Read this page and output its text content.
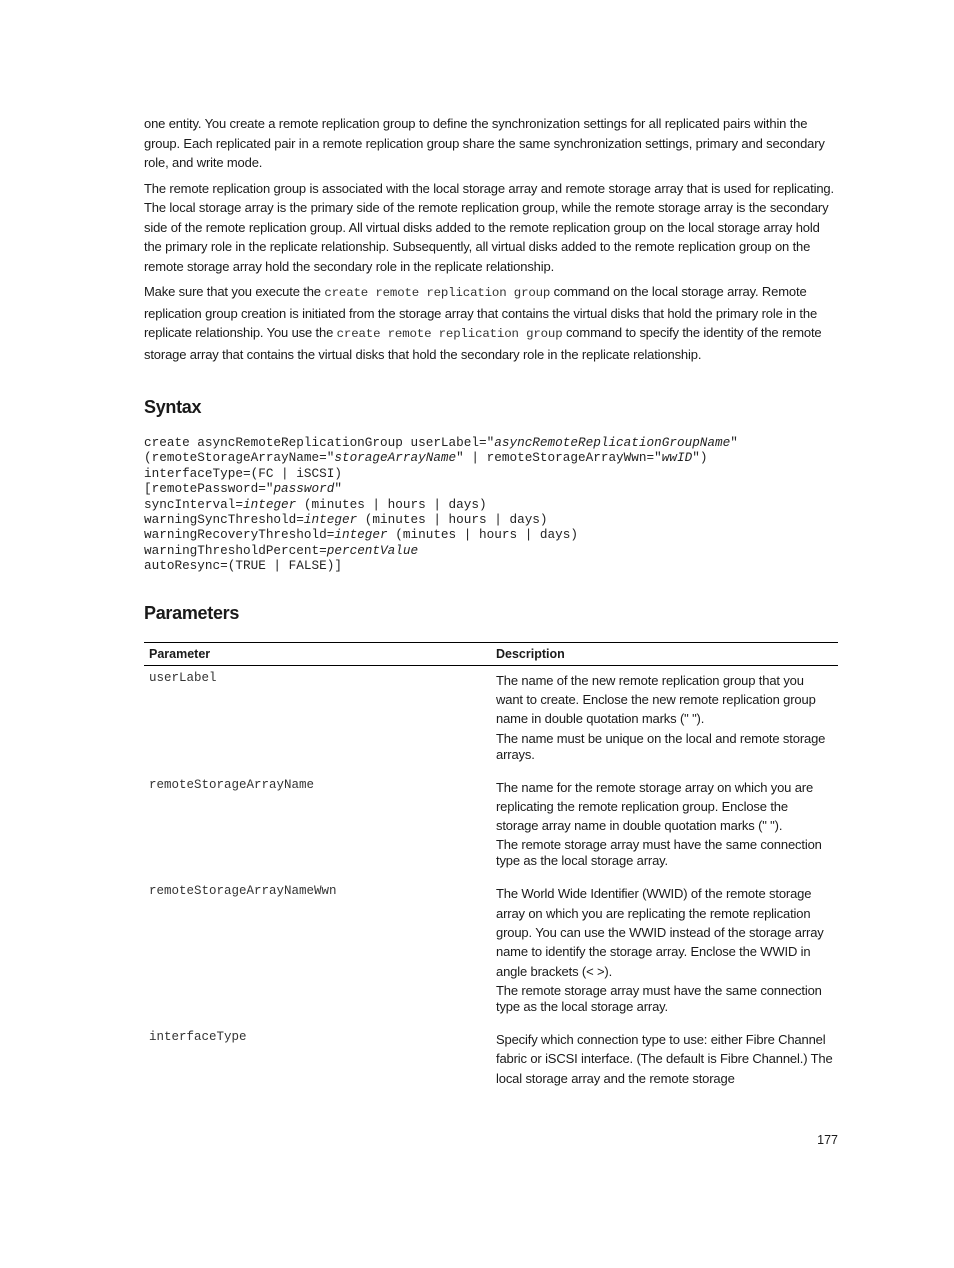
one entity. You create a remote replication group to define the synchronization settings for all replicated pairs within the group. Each replicated pair in a remote replication group share the same synchronization settings, primary and secondary role, and write mode.

The remote replication group is associated with the local storage array and remote storage array that is used for replicating. The local storage array is the primary side of the remote replication group, while the remote storage array is the secondary side of the remote replication group. All virtual disks added to the remote replication group on the local storage array hold the primary role in the replicate relationship. Subsequently, all virtual disks added to the remote replication group on the remote storage array hold the secondary role in the replicate relationship.

Make sure that you execute the create remote replication group command on the local storage array. Remote replication group creation is initiated from the storage array that contains the virtual disks that hold the primary role in the replicate relationship. You use the create remote replication group command to specify the identity of the remote storage array that contains the virtual disks that hold the secondary role in the replicate relationship.

Syntax
create asyncRemoteReplicationGroup userLabel="asyncRemoteReplicationGroupName"
(remoteStorageArrayName="storageArrayName" | remoteStorageArrayWwn="wwID")
interfaceType=(FC | iSCSI)
[remotePassword="password"
syncInterval=integer (minutes | hours | days)
warningSyncThreshold=integer (minutes | hours | days)
warningRecoveryThreshold=integer (minutes | hours | days)
warningThresholdPercent=percentValue
autoResync=(TRUE | FALSE)]
Parameters
Parameter	Description
userLabel	The name of the new remote replication group that you want to create. Enclose the new remote replication group name in double quotation marks (" ").

The name must be unique on the local and remote storage arrays.

remoteStorageArrayName	The name for the remote storage array on which you are replicating the remote replication group. Enclose the storage array name in double quotation marks (" ").

The remote storage array must have the same connection type as the local storage array.

remoteStorageArrayNameWwn	The World Wide Identifier (WWID) of the remote storage array on which you are replicating the remote replication group. You can use the WWID instead of the storage array name to identify the storage array. Enclose the WWID in angle brackets (< >).

The remote storage array must have the same connection type as the local storage array.

interfaceType	Specify which connection type to use: either Fibre Channel fabric or iSCSI interface. (The default is Fibre Channel.) The local storage array and the remote storage

177
